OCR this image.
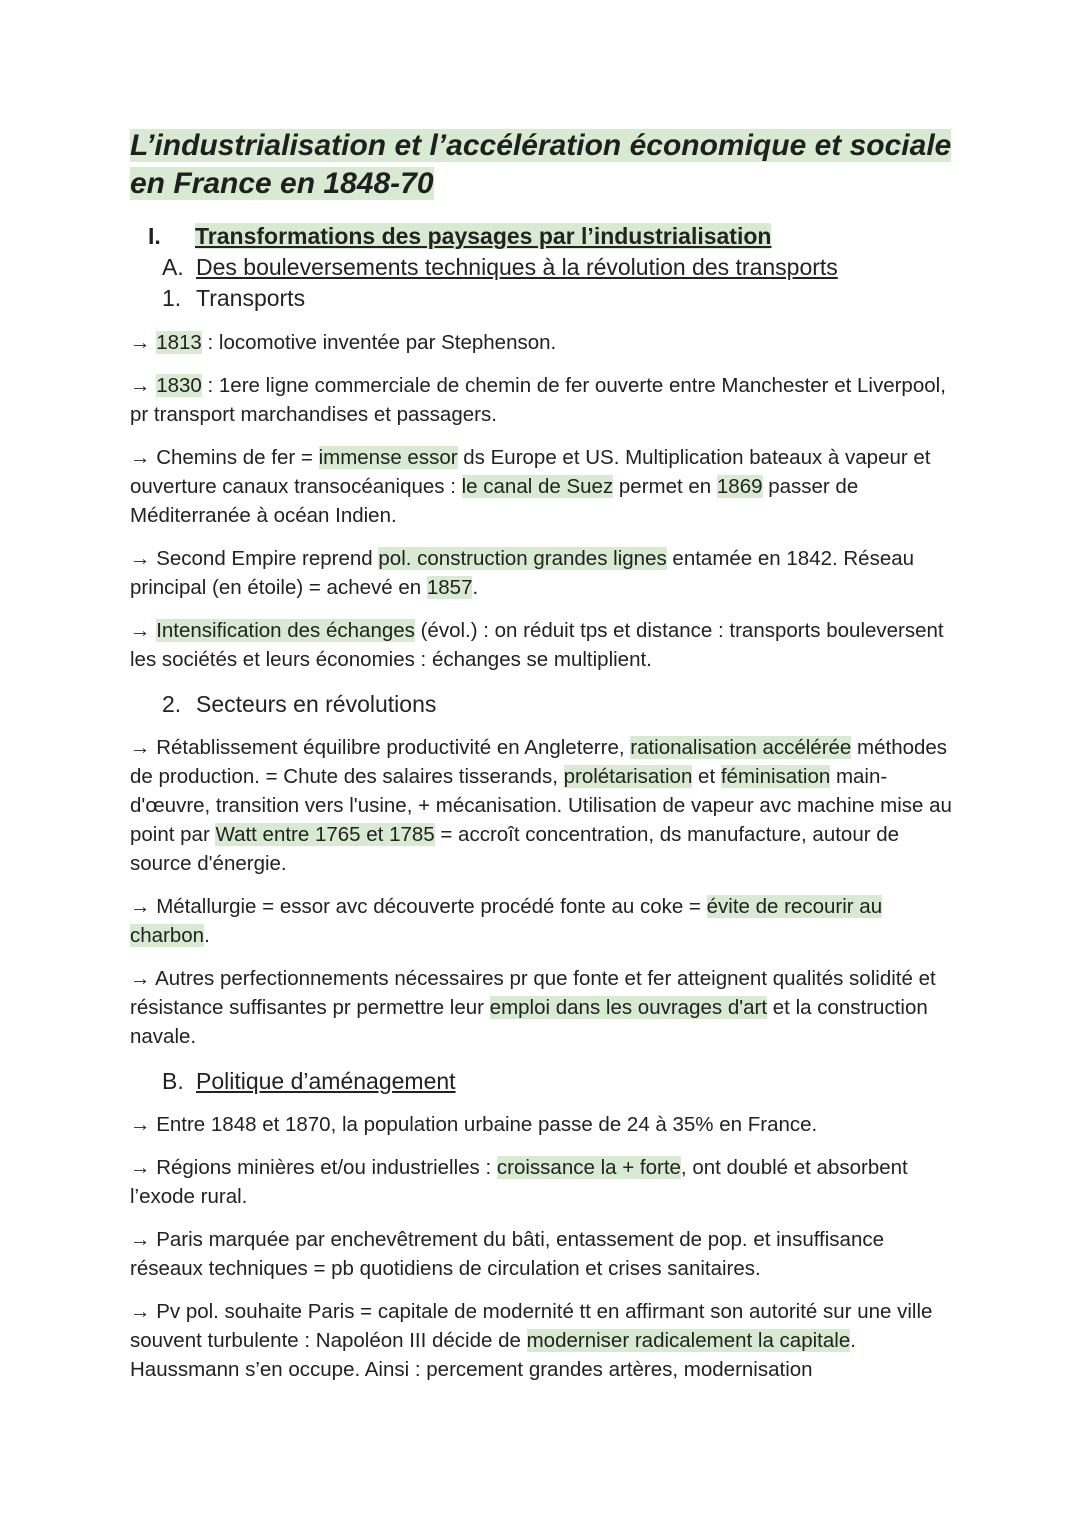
L’industrialisation et l’accélération économique et sociale
en France en 1848-70
I. Transformations des paysages par l’industrialisation
A. Des bouleversements techniques à la révolution des transports
1. Transports

→ 1813 : locomotive inventée par Stephenson.

→ 1830 : 1ere ligne commerciale de chemin de fer ouverte entre Manchester et Liverpool, pr transport marchandises et passagers.

→ Chemins de fer = immense essor ds Europe et US. Multiplication bateaux à vapeur et ouverture canaux transocéaniques : le canal de Suez permet en 1869 passer de Méditerranée à océan Indien.

→ Second Empire reprend pol. construction grandes lignes entamée en 1842. Réseau principal (en étoile) = achevé en 1857.

→ Intensification des échanges (évol.) : on réduit tps et distance : transports bouleversent les sociétés et leurs économies : échanges se multiplient.

2. Secteurs en révolutions

→ Rétablissement équilibre productivité en Angleterre, rationalisation accélérée méthodes de production. = Chute des salaires tisserands, prolétarisation et féminisation main-d'œuvre, transition vers l'usine, + mécanisation. Utilisation de vapeur avc machine mise au point par Watt entre 1765 et 1785 = accroît concentration, ds manufacture, autour de source d'énergie.

→ Métallurgie = essor avc découverte procédé fonte au coke = évite de recourir au charbon.

→ Autres perfectionnements nécessaires pr que fonte et fer atteignent qualités solidité et résistance suffisantes pr permettre leur emploi dans les ouvrages d'art et la construction navale.

B. Politique d’aménagement

→ Entre 1848 et 1870, la population urbaine passe de 24 à 35% en France.

→ Régions minières et/ou industrielles : croissance la + forte, ont doublé et absorbent l’exode rural.

→ Paris marquée par enchevêtrement du bâti, entassement de pop. et insuffisance réseaux techniques = pb quotidiens de circulation et crises sanitaires.

→ Pv pol. souhaite Paris = capitale de modernité tt en affirmant son autorité sur une ville souvent turbulente : Napoléon III décide de moderniser radicalement la capitale. Haussmann s’en occupe. Ainsi : percement grandes artères, modernisation
